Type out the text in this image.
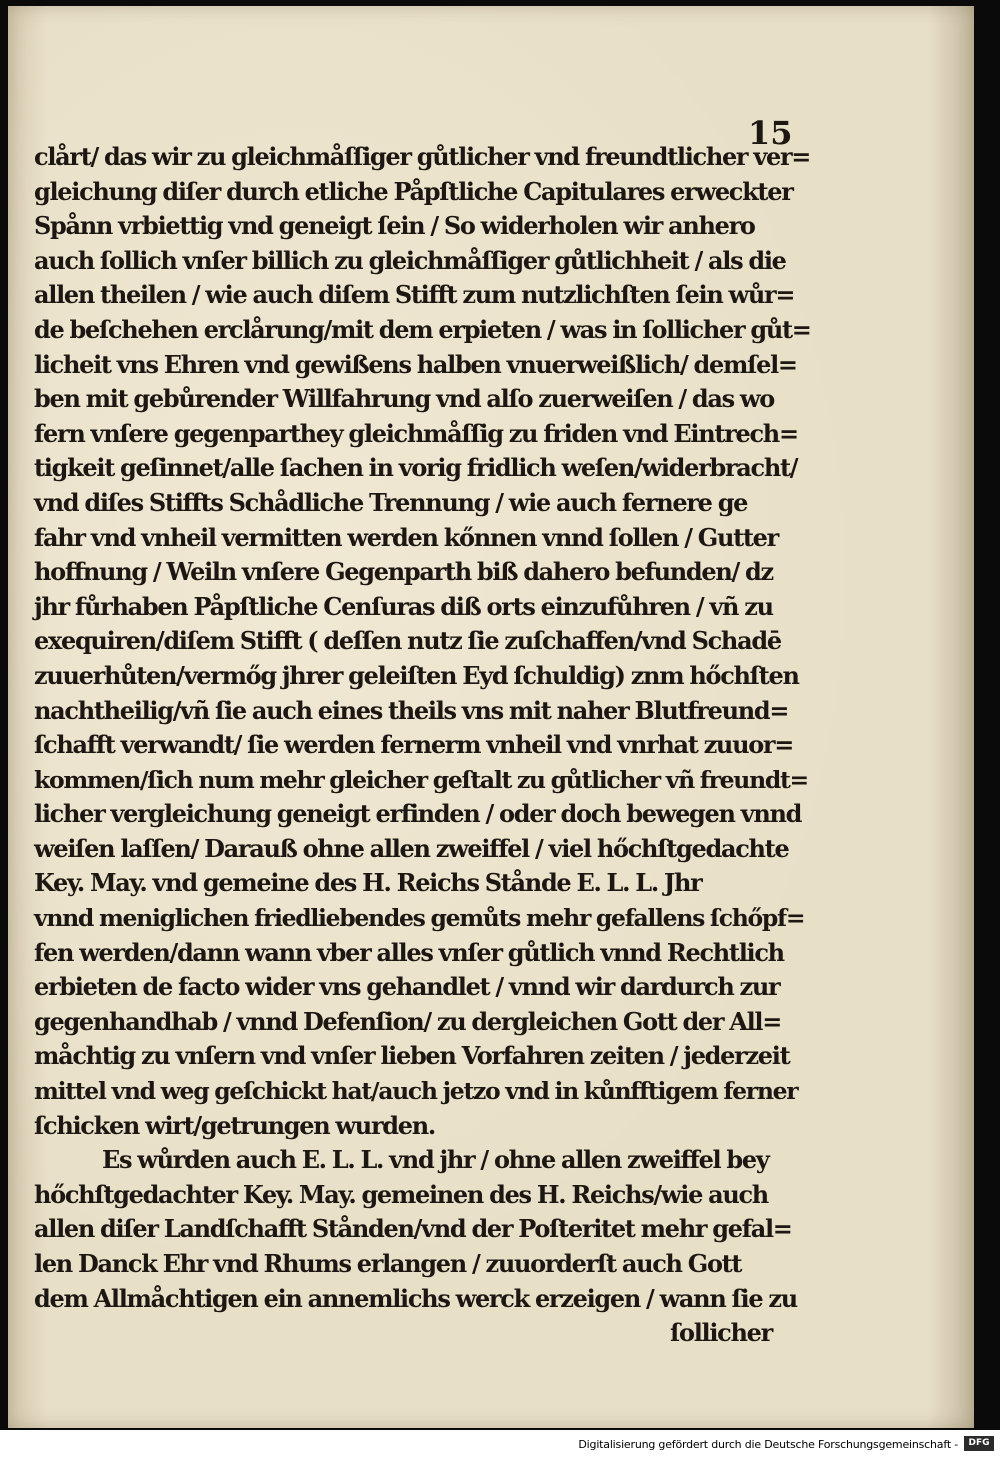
15
clårt/ das wir zu gleichmåſſiger gůtlicher vnd freundtlicher ver=
gleichung diſer durch etliche Påpſtliche Capitulares erweckter
Spånn vrbiettig vnd geneigt ſein / So widerholen wir anhero
auch ſollich vnſer billich zu gleichmåſſiger gůtlichheit / als die
allen theilen / wie auch diſem Stifft zum nutzlichſten ſein wůr=
de beſchehen erclårung/mit dem erpieten / was in ſollicher gůt=
licheit vns Ehren vnd gewißens halben vnuerweißlich/ demſel=
ben mit gebůrender Willfahrung vnd alſo zuerweiſen / das wo
fern vnſere gegenparthey gleichmåſſig zu friden vnd Eintrech=
tigkeit geſinnet/alle ſachen in vorig fridlich weſen/widerbracht/
vnd diſes Stiffts Schådliche Trennung / wie auch fernere ge
fahr vnd vnheil vermitten werden kőnnen vnnd ſollen / Gutter
hoffnung / Weiln vnſere Gegenparth biß dahero befunden/ dz
jhr fůrhaben Påpſtliche Cenſuras diß orts einzufůhren / vñ zu
exequiren/diſem Stifft ( deſſen nutz ſie zuſchaffen/vnd Schadē
zuuerhůten/vermőg jhrer geleiſten Eyd ſchuldig) znm hőchſten
nachtheilig/vñ ſie auch eines theils vns mit naher Blutfreund=
ſchafft verwandt/ ſie werden fernerm vnheil vnd vnrhat zuuor=
kommen/ſich num mehr gleicher geſtalt zu gůtlicher vñ freundt=
licher vergleichung geneigt erfinden / oder doch bewegen vnnd
weiſen laſſen/ Darauß ohne allen zweiffel / viel hőchſtgedachte
Key. May. vnd gemeine des H. Reichs Stånde E. L. L. Jhr
vnnd meniglichen friedliebendes gemůts mehr gefallens ſchőpf=
fen werden/dann wann vber alles vnſer gůtlich vnnd Rechtlich
erbieten de facto wider vns gehandlet / vnnd wir dardurch zur
gegenhandhab / vnnd Defenſion/ zu dergleichen Gott der All=
måchtig zu vnſern vnd vnſer lieben Vorfahren zeiten / jederzeit
mittel vnd weg geſchickt hat/auch jetzo vnd in kůnfftigem ferner
ſchicken wirt/getrungen wurden.
Es wůrden auch E. L. L. vnd jhr / ohne allen zweiffel bey
hőchſtgedachter Key. May. gemeinen des H. Reichs/wie auch
allen diſer Landſchafft Stånden/vnd der Poſteritet mehr gefal=
len Danck Ehr vnd Rhums erlangen / zuuorderſt auch Gott
dem Allmåchtigen ein annemlichs werck erzeigen / wann ſie zu
ſollicher
Digitalisierung gefördert durch die Deutsche Forschungsgemeinschaft -	DFG
